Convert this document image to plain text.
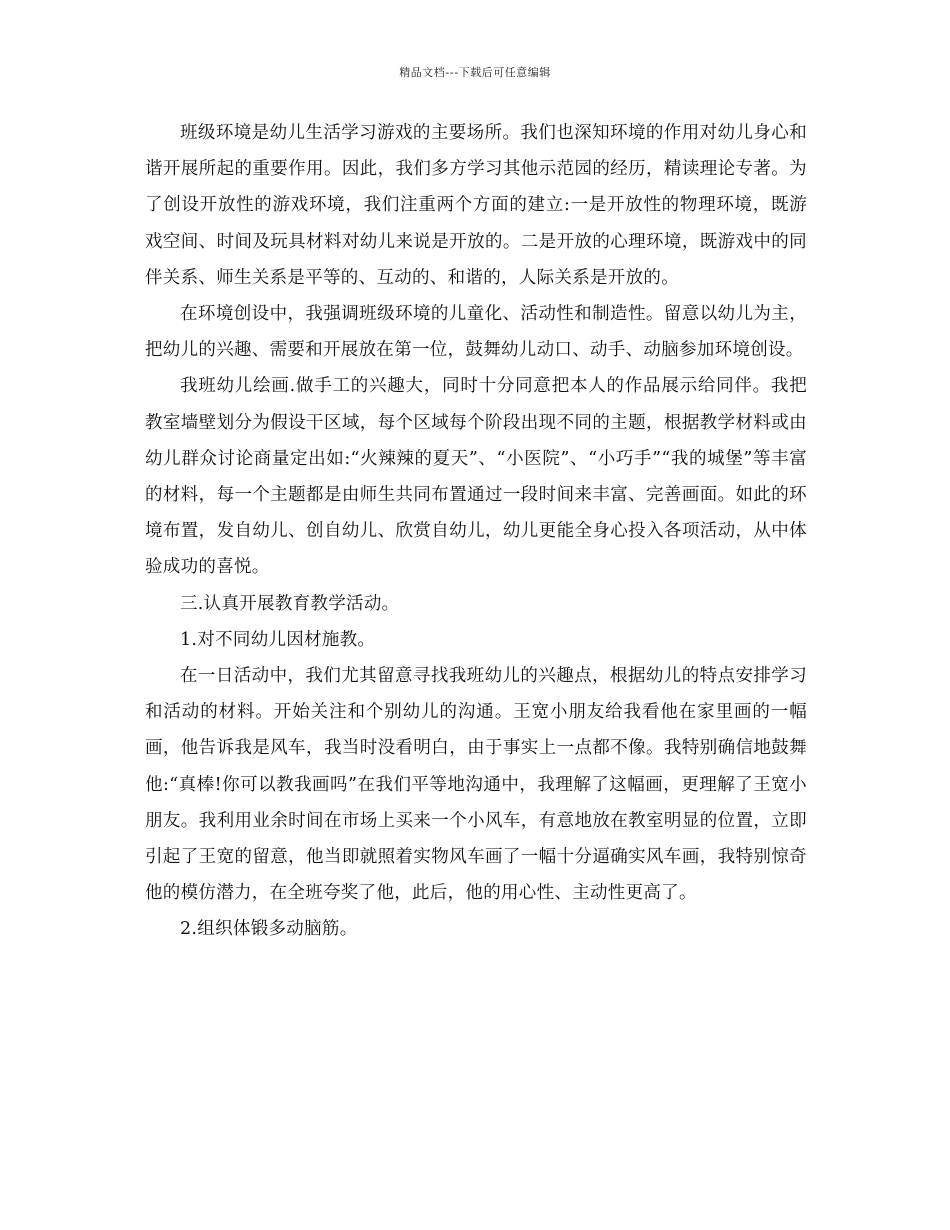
精品文档---下载后可任意编辑

班级环境是幼儿生活学习游戏的主要场所。我们也深知环境的作用对幼儿身心和谐开展所起的重要作用。因此，我们多方学习其他示范园的经历，精读理论专著。为了创设开放性的游戏环境，我们注重两个方面的建立:一是开放性的物理环境，既游戏空间、时间及玩具材料对幼儿来说是开放的。二是开放的心理环境，既游戏中的同伴关系、师生关系是平等的、互动的、和谐的，人际关系是开放的。

在环境创设中，我强调班级环境的儿童化、活动性和制造性。留意以幼儿为主，把幼儿的兴趣、需要和开展放在第一位，鼓舞幼儿动口、动手、动脑参加环境创设。

我班幼儿绘画.做手工的兴趣大，同时十分同意把本人的作品展示给同伴。我把教室墙壁划分为假设干区域，每个区域每个阶段出现不同的主题，根据教学材料或由幼儿群众讨论商量定出如:“火辣辣的夏天”、“小医院”、“小巧手”“我的城堡”等丰富的材料，每一个主题都是由师生共同布置通过一段时间来丰富、完善画面。如此的环境布置，发自幼儿、创自幼儿、欣赏自幼儿，幼儿更能全身心投入各项活动，从中体验成功的喜悦。

三.认真开展教育教学活动。

1.对不同幼儿因材施教。

在一日活动中，我们尤其留意寻找我班幼儿的兴趣点，根据幼儿的特点安排学习和活动的材料。开始关注和个别幼儿的沟通。王宽小朋友给我看他在家里画的一幅画，他告诉我是风车，我当时没看明白，由于事实上一点都不像。我特别确信地鼓舞他:“真棒!你可以教我画吗”在我们平等地沟通中，我理解了这幅画，更理解了王宽小朋友。我利用业余时间在市场上买来一个小风车，有意地放在教室明显的位置，立即引起了王宽的留意，他当即就照着实物风车画了一幅十分逼确实风车画，我特别惊奇他的模仿潜力，在全班夸奖了他，此后，他的用心性、主动性更高了。

2.组织体锻多动脑筋。
